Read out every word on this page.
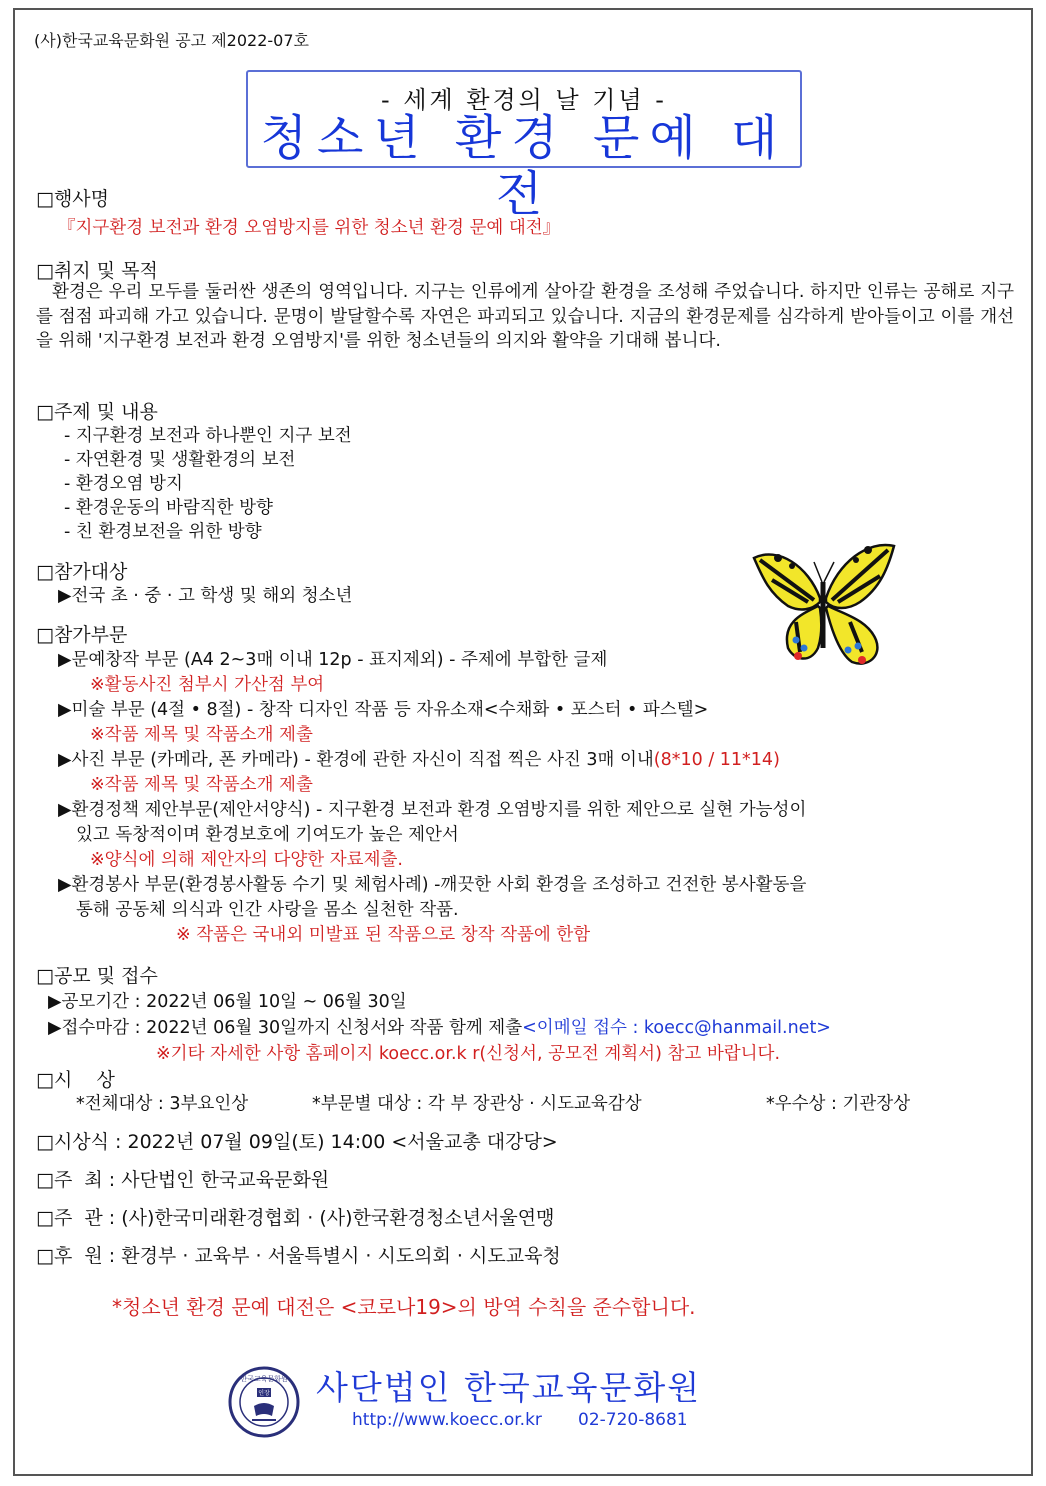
(사)한국교육문화원 공고 제2022-07호
- 세계 환경의 날 기념 -
청소년 환경 문예 대전
□행사명
『지구환경 보전과 환경 오염방지를 위한 청소년 환경 문예 대전』
□취지 및 목적
환경은 우리 모두를 둘러싼 생존의 영역입니다. 지구는 인류에게 살아갈 환경을 조성해 주었습니다. 하지만 인류는 공해로 지구를 점점 파괴해 가고 있습니다. 문명이 발달할수록 자연은 파괴되고 있습니다. 지금의 환경문제를 심각하게 받아들이고 이를 개선을 위해 '지구환경 보전과 환경 오염방지'를 위한 청소년들의 의지와 활약을 기대해 봅니다.
□주제 및 내용
- 지구환경 보전과 하나뿐인 지구 보전
- 자연환경 및 생활환경의 보전
- 환경오염 방지
- 환경운동의 바람직한 방향
- 친 환경보전을 위한 방향
□참가대상
▶전국 초 · 중 · 고 학생 및 해외 청소년
□참가부문
▶문예창작 부문 (A4 2~3매 이내 12p - 표지제외) - 주제에 부합한 글제
※활동사진 첨부시 가산점 부여
▶미술 부문 (4절 • 8절) - 창작 디자인 작품 등 자유소재<수채화 • 포스터 • 파스텔>
※작품 제목 및 작품소개 제출
▶사진 부문 (카메라, 폰 카메라) - 환경에 관한 자신이 직접 찍은 사진 3매 이내(8*10 / 11*14)
※작품 제목 및 작품소개 제출
▶환경정책 제안부문(제안서양식) - 지구환경 보전과 환경 오염방지를 위한 제안으로 실현 가능성이
있고 독창적이며 환경보호에 기여도가 높은 제안서
※양식에 의해 제안자의 다양한 자료제출.
▶환경봉사 부문(환경봉사활동 수기 및 체험사례) -깨끗한 사회 환경을 조성하고 건전한 봉사활동을
통해 공동체 의식과 인간 사랑을 몸소 실천한 작품.
※ 작품은 국내외 미발표 된 작품으로 창작 작품에 한함
□공모 및 접수
▶공모기간 : 2022년 06월 10일 ~ 06월 30일
▶접수마감 : 2022년 06월 30일까지 신청서와 작품 함께 제출<이메일 접수 : koecc@hanmail.net>
※기타 자세한 사항 홈페이지 koecc.or.k r(신청서, 공모전 계획서) 참고 바랍니다.
□시    상
*전체대상 : 3부요인상	*부문별 대상 : 각 부 장관상 · 시도교육감상	*우수상 : 기관장상
□시상식 : 2022년 07월 09일(토) 14:00 <서울교총 대강당>
□주  최 : 사단법인 한국교육문화원
□주  관 : (사)한국미래환경협회 · (사)한국환경청소년서울연맹
□후  원 : 환경부 · 교육부 · 서울특별시 · 시도의회 · 시도교육청
*청소년 환경 문예 대전은 <코로나19>의 방역 수칙을 준수합니다.
한국교육문화원
인장 사단법인 한국교육문화원
http://www.koecc.or.kr 02-720-8681
